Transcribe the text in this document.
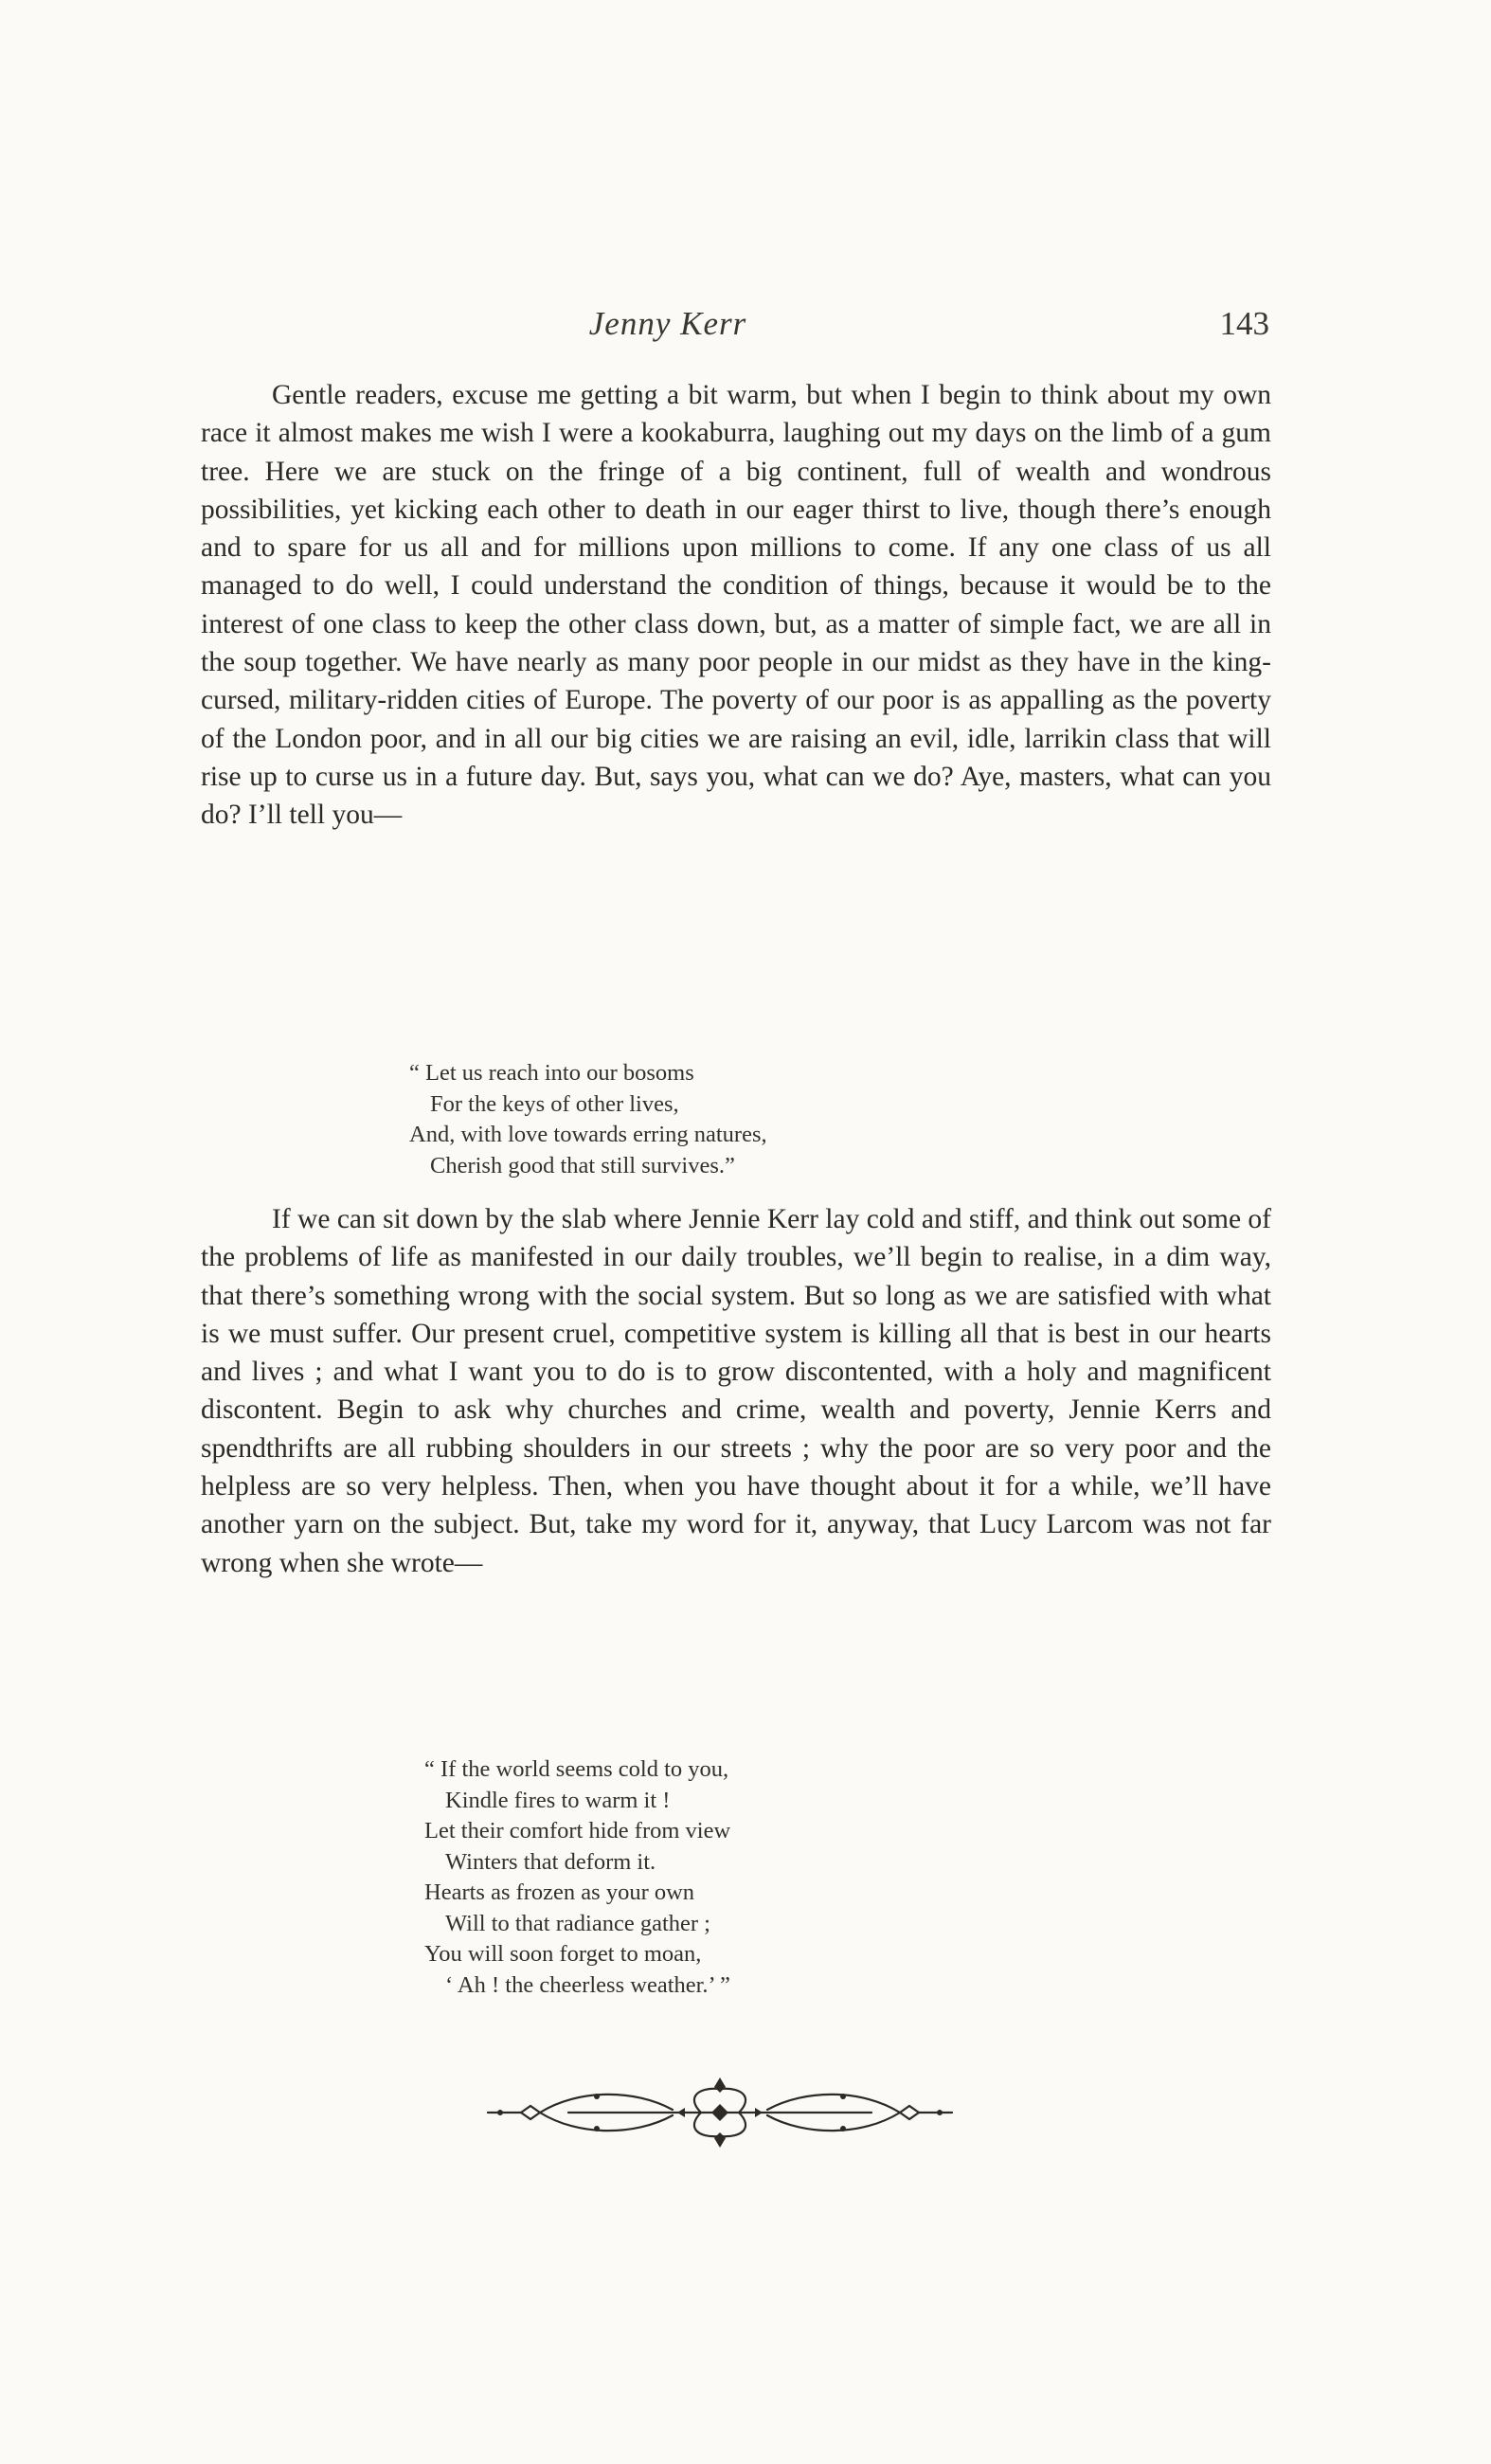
Jenny Kerr	143

Gentle readers, excuse me getting a bit warm, but when I begin to think about my own race it almost makes me wish I were a kookaburra, laughing out my days on the limb of a gum tree. Here we are stuck on the fringe of a big continent, full of wealth and wondrous possibilities, yet kicking each other to death in our eager thirst to live, though there’s enough and to spare for us all and for millions upon millions to come. If any one class of us all managed to do well, I could understand the condition of things, because it would be to the interest of one class to keep the other class down, but, as a matter of simple fact, we are all in the soup together. We have nearly as many poor people in our midst as they have in the king-cursed, military-ridden cities of Europe. The poverty of our poor is as appalling as the poverty of the London poor, and in all our big cities we are raising an evil, idle, larrikin class that will rise up to curse us in a future day. But, says you, what can we do? Aye, masters, what can you do? I’ll tell you—

“ Let us reach into our bosoms
For the keys of other lives,
And, with love towards erring natures,
Cherish good that still survives.”

If we can sit down by the slab where Jennie Kerr lay cold and stiff, and think out some of the problems of life as manifested in our daily troubles, we’ll begin to realise, in a dim way, that there’s something wrong with the social system. But so long as we are satisfied with what is we must suffer. Our present cruel, competitive system is killing all that is best in our hearts and lives ; and what I want you to do is to grow discontented, with a holy and magnificent discontent. Begin to ask why churches and crime, wealth and poverty, Jennie Kerrs and spendthrifts are all rubbing shoulders in our streets ; why the poor are so very poor and the helpless are so very helpless. Then, when you have thought about it for a while, we’ll have another yarn on the subject. But, take my word for it, anyway, that Lucy Larcom was not far wrong when she wrote—

“ If the world seems cold to you,
Kindle fires to warm it !
Let their comfort hide from view
Winters that deform it.
Hearts as frozen as your own
Will to that radiance gather ;
You will soon forget to moan,
‘ Ah ! the cheerless weather.’ ”
